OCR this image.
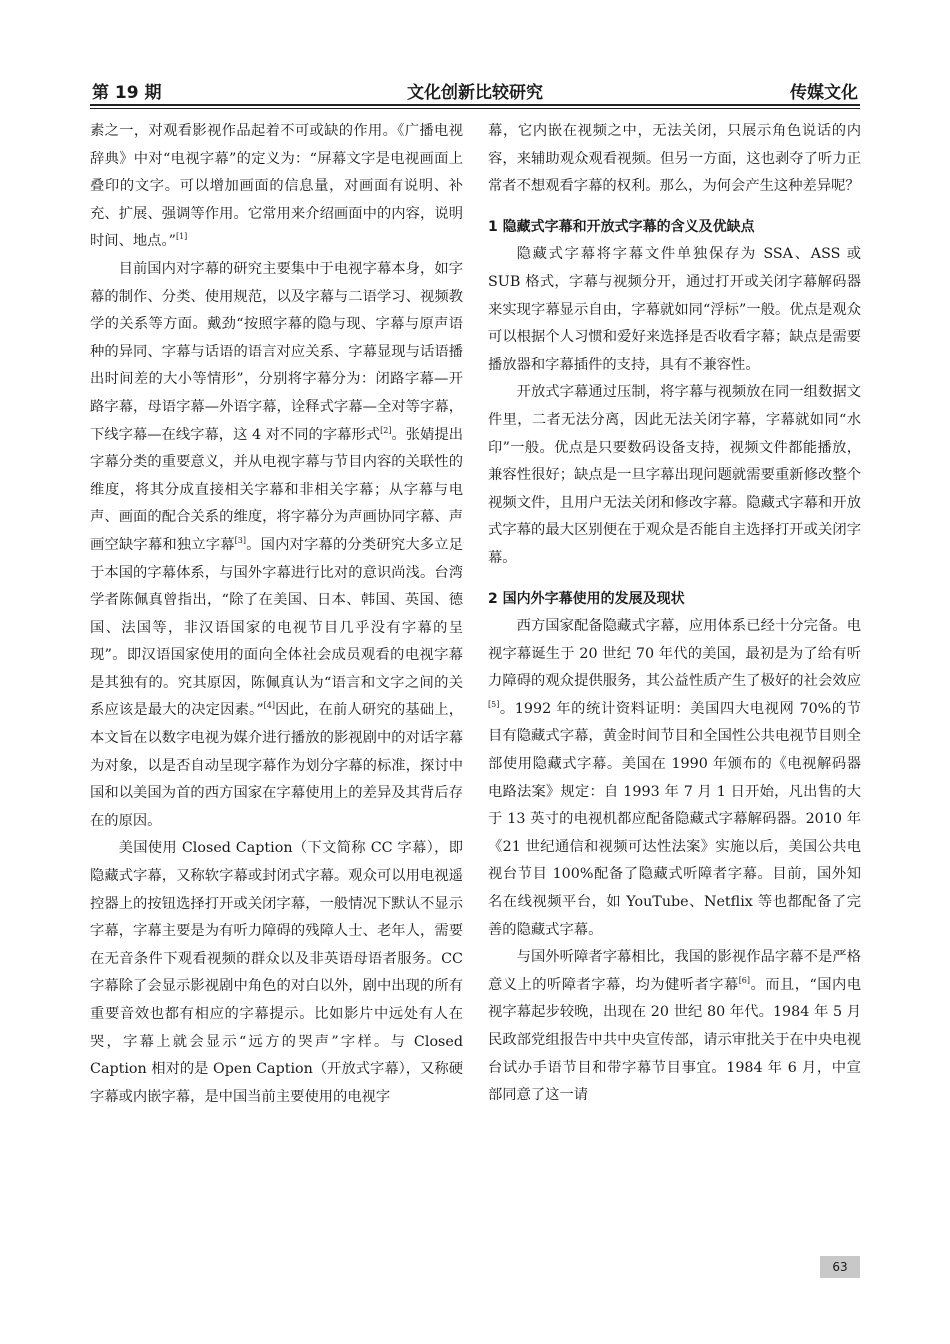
第 19 期	文化创新比较研究	传媒文化

素之一，对观看影视作品起着不可或缺的作用。《广播电视辞典》中对“电视字幕”的定义为：“屏幕文字是电视画面上叠印的文字。可以增加画面的信息量，对画面有说明、补充、扩展、强调等作用。它常用来介绍画面中的内容，说明时间、地点。”[1]

目前国内对字幕的研究主要集中于电视字幕本身，如字幕的制作、分类、使用规范，以及字幕与二语学习、视频教学的关系等方面。戴劲“按照字幕的隐与现、字幕与原声语种的异同、字幕与话语的语言对应关系、字幕显现与话语播出时间差的大小等情形”，分别将字幕分为：闭路字幕—开路字幕，母语字幕—外语字幕，诠释式字幕—全对等字幕，下线字幕—在线字幕，这 4 对不同的字幕形式[2]。张婧提出字幕分类的重要意义，并从电视字幕与节目内容的关联性的维度，将其分成直接相关字幕和非相关字幕；从字幕与电声、画面的配合关系的维度，将字幕分为声画协同字幕、声画空缺字幕和独立字幕[3]。国内对字幕的分类研究大多立足于本国的字幕体系，与国外字幕进行比对的意识尚浅。台湾学者陈佩真曾指出，“除了在美国、日本、韩国、英国、德国、法国等，非汉语国家的电视节目几乎没有字幕的呈现”。即汉语国家使用的面向全体社会成员观看的电视字幕是其独有的。究其原因，陈佩真认为“语言和文字之间的关系应该是最大的决定因素。”[4]因此，在前人研究的基础上，本文旨在以数字电视为媒介进行播放的影视剧中的对话字幕为对象，以是否自动呈现字幕作为划分字幕的标准，探讨中国和以美国为首的西方国家在字幕使用上的差异及其背后存在的原因。

美国使用 Closed Caption（下文简称 CC 字幕），即隐藏式字幕，又称软字幕或封闭式字幕。观众可以用电视遥控器上的按钮选择打开或关闭字幕，一般情况下默认不显示字幕，字幕主要是为有听力障碍的残障人士、老年人，需要在无音条件下观看视频的群众以及非英语母语者服务。CC 字幕除了会显示影视剧中角色的对白以外，剧中出现的所有重要音效也都有相应的字幕提示。比如影片中远处有人在哭，字幕上就会显示“远方的哭声”字样。与 Closed Caption 相对的是 Open Caption（开放式字幕），又称硬字幕或内嵌字幕，是中国当前主要使用的电视字

幕，它内嵌在视频之中，无法关闭，只展示角色说话的内容，来辅助观众观看视频。但另一方面，这也剥夺了听力正常者不想观看字幕的权利。那么，为何会产生这种差异呢？

1 隐藏式字幕和开放式字幕的含义及优缺点

隐藏式字幕将字幕文件单独保存为 SSA、ASS 或 SUB 格式，字幕与视频分开，通过打开或关闭字幕解码器来实现字幕显示自由，字幕就如同“浮标”一般。优点是观众可以根据个人习惯和爱好来选择是否收看字幕；缺点是需要播放器和字幕插件的支持，具有不兼容性。

开放式字幕通过压制，将字幕与视频放在同一组数据文件里，二者无法分离，因此无法关闭字幕，字幕就如同“水印”一般。优点是只要数码设备支持，视频文件都能播放，兼容性很好；缺点是一旦字幕出现问题就需要重新修改整个视频文件，且用户无法关闭和修改字幕。隐藏式字幕和开放式字幕的最大区别便在于观众是否能自主选择打开或关闭字幕。

2 国内外字幕使用的发展及现状

西方国家配备隐藏式字幕，应用体系已经十分完备。电视字幕诞生于 20 世纪 70 年代的美国，最初是为了给有听力障碍的观众提供服务，其公益性质产生了极好的社会效应[5]。1992 年的统计资料证明：美国四大电视网 70%的节目有隐藏式字幕，黄金时间节目和全国性公共电视节目则全部使用隐藏式字幕。美国在 1990 年颁布的《电视解码器电路法案》规定：自 1993 年 7 月 1 日开始，凡出售的大于 13 英寸的电视机都应配备隐藏式字幕解码器。2010 年《21 世纪通信和视频可达性法案》实施以后，美国公共电视台节目 100%配备了隐藏式听障者字幕。目前，国外知名在线视频平台，如 YouTube、Netflix 等也都配备了完善的隐藏式字幕。

与国外听障者字幕相比，我国的影视作品字幕不是严格意义上的听障者字幕，均为健听者字幕[6]。而且，“国内电视字幕起步较晚，出现在 20 世纪 80 年代。1984 年 5 月民政部党组报告中共中央宣传部，请示审批关于在中央电视台试办手语节目和带字幕节目事宜。1984 年 6 月，中宣部同意了这一请

63
